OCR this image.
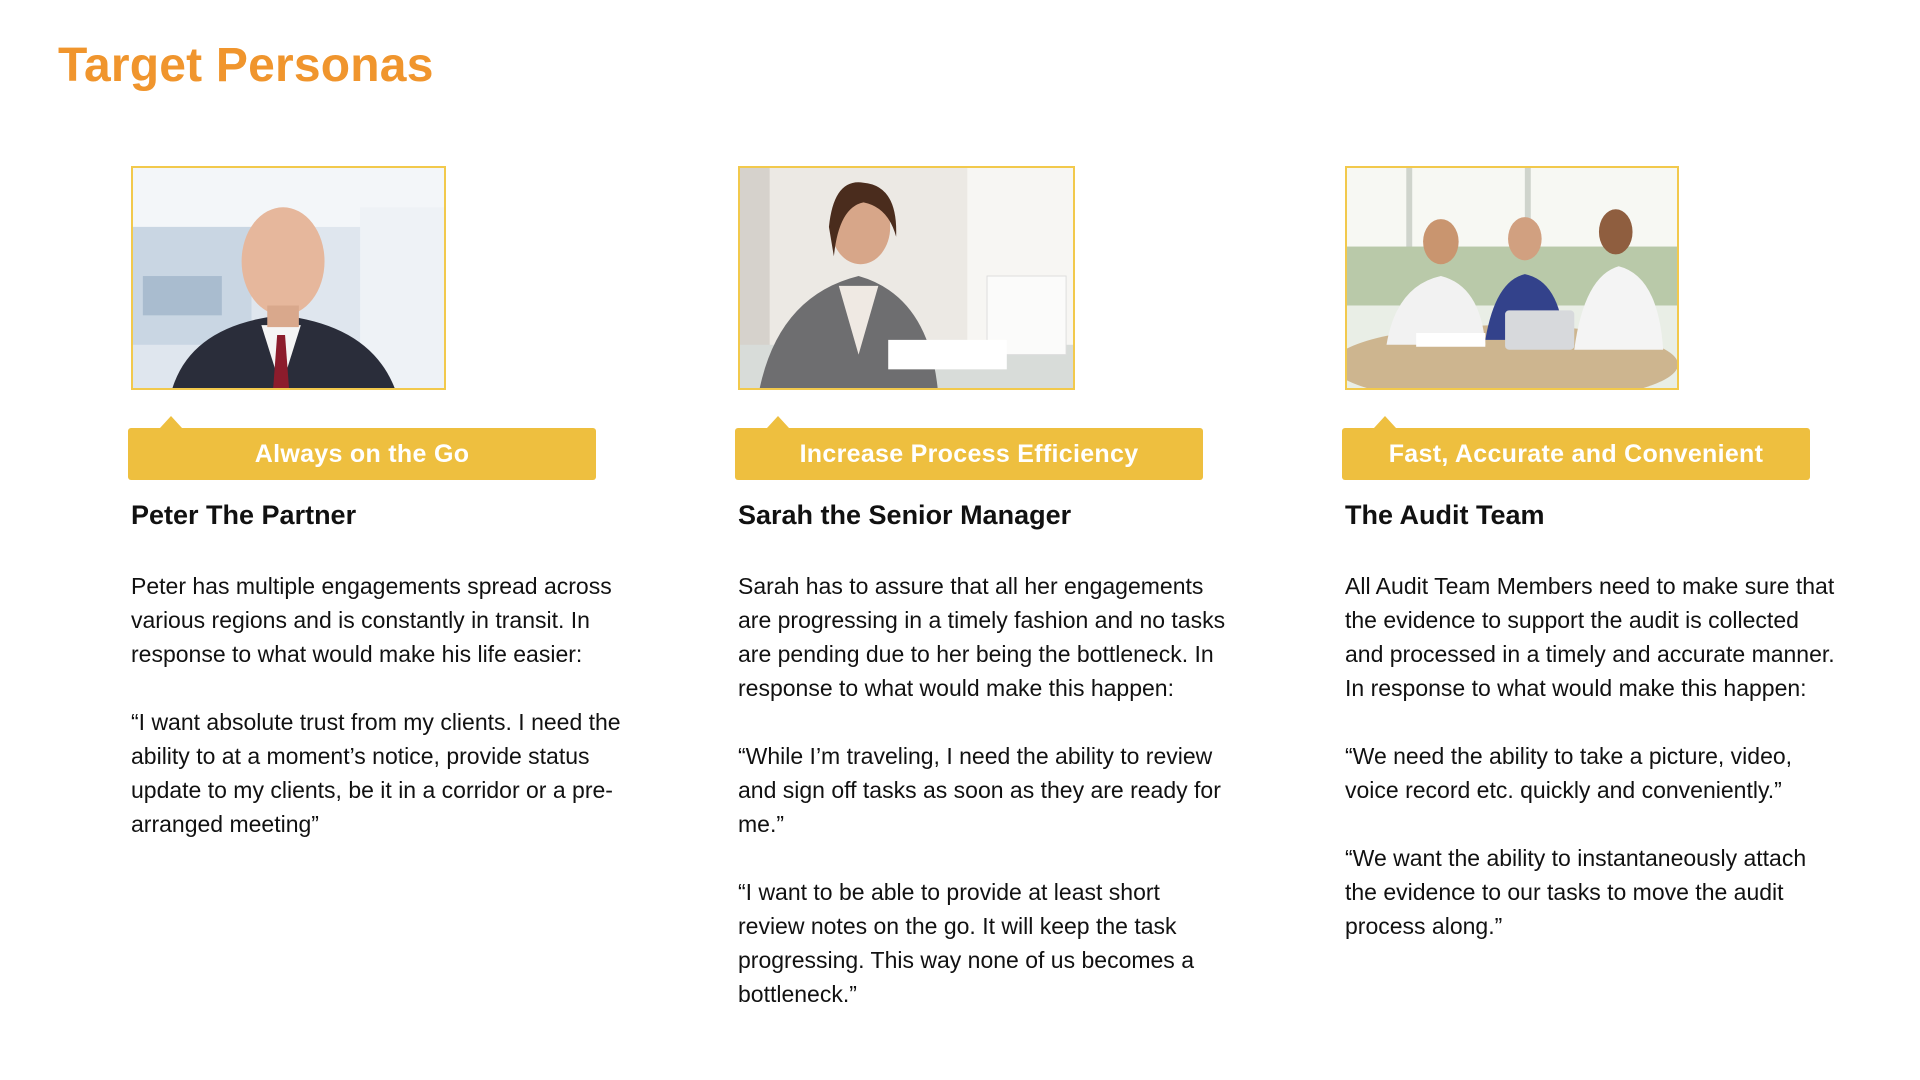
Target Personas
Always on the Go
Peter The Partner

Peter has multiple engagements spread across various regions and is constantly in transit. In response to what would make his life easier:

“I want absolute trust from my clients. I need the ability to at a moment’s notice, provide status update to my clients, be it in a corridor or a pre-arranged meeting”

Increase Process Efficiency
Sarah the Senior Manager

Sarah has to assure that all her engagements are progressing in a timely fashion and no tasks are pending due to her being the bottleneck. In response to what would make this happen:

“While I’m traveling, I need the ability to review and sign off tasks as soon as they are ready for me.”

“I want to be able to provide at least short review notes on the go. It will keep the task progressing. This way none of us becomes a bottleneck.”

Fast, Accurate and Convenient
The Audit Team

All Audit Team Members need to make sure that the evidence to support the audit is collected and processed in a timely and accurate manner. In response to what would make this happen:

“We need the ability to take a picture, video, voice record etc. quickly and conveniently.”

“We want the ability to instantaneously attach the evidence to our tasks to move the audit process along.”
